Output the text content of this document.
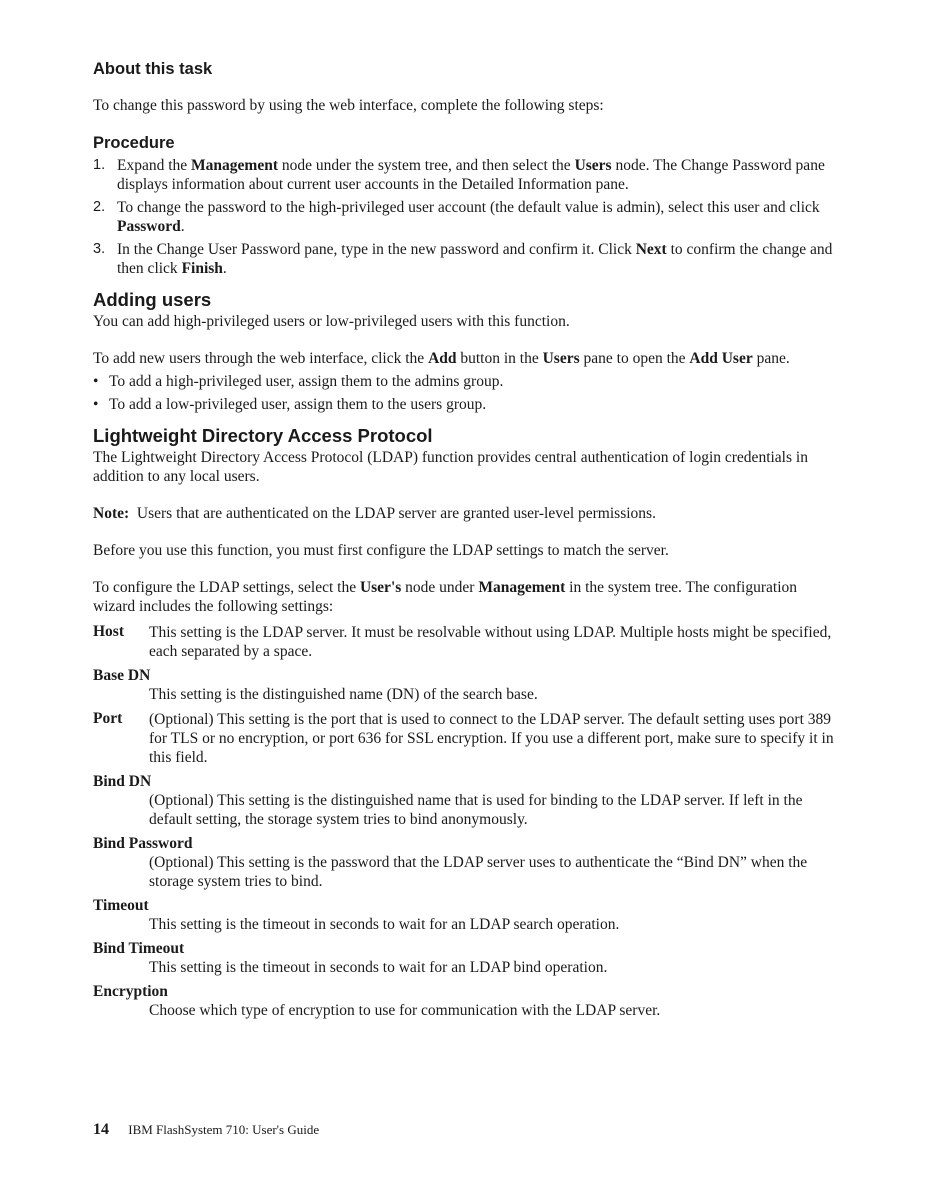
About this task

To change this password by using the web interface, complete the following steps:

Procedure
1. Expand the Management node under the system tree, and then select the Users node. The Change Password pane displays information about current user accounts in the Detailed Information pane.
2. To change the password to the high-privileged user account (the default value is admin), select this user and click Password.
3. In the Change User Password pane, type in the new password and confirm it. Click Next to confirm the change and then click Finish.
Adding users

You can add high-privileged users or low-privileged users with this function.

To add new users through the web interface, click the Add button in the Users pane to open the Add User pane.

• To add a high-privileged user, assign them to the admins group.
• To add a low-privileged user, assign them to the users group.
Lightweight Directory Access Protocol

The Lightweight Directory Access Protocol (LDAP) function provides central authentication of login credentials in addition to any local users.

Note: Users that are authenticated on the LDAP server are granted user-level permissions.

Before you use this function, you must first configure the LDAP settings to match the server.

To configure the LDAP settings, select the User's node under Management in the system tree. The configuration wizard includes the following settings:

Host This setting is the LDAP server. It must be resolvable without using LDAP. Multiple hosts might be specified, each separated by a space.
Base DN
This setting is the distinguished name (DN) of the search base.
Port (Optional) This setting is the port that is used to connect to the LDAP server. The default setting uses port 389 for TLS or no encryption, or port 636 for SSL encryption. If you use a different port, make sure to specify it in this field.
Bind DN
(Optional) This setting is the distinguished name that is used for binding to the LDAP server. If left in the default setting, the storage system tries to bind anonymously.
Bind Password
(Optional) This setting is the password that the LDAP server uses to authenticate the “Bind DN” when the storage system tries to bind.
Timeout
This setting is the timeout in seconds to wait for an LDAP search operation.
Bind Timeout
This setting is the timeout in seconds to wait for an LDAP bind operation.
Encryption
Choose which type of encryption to use for communication with the LDAP server.
14 IBM FlashSystem 710: User's Guide
